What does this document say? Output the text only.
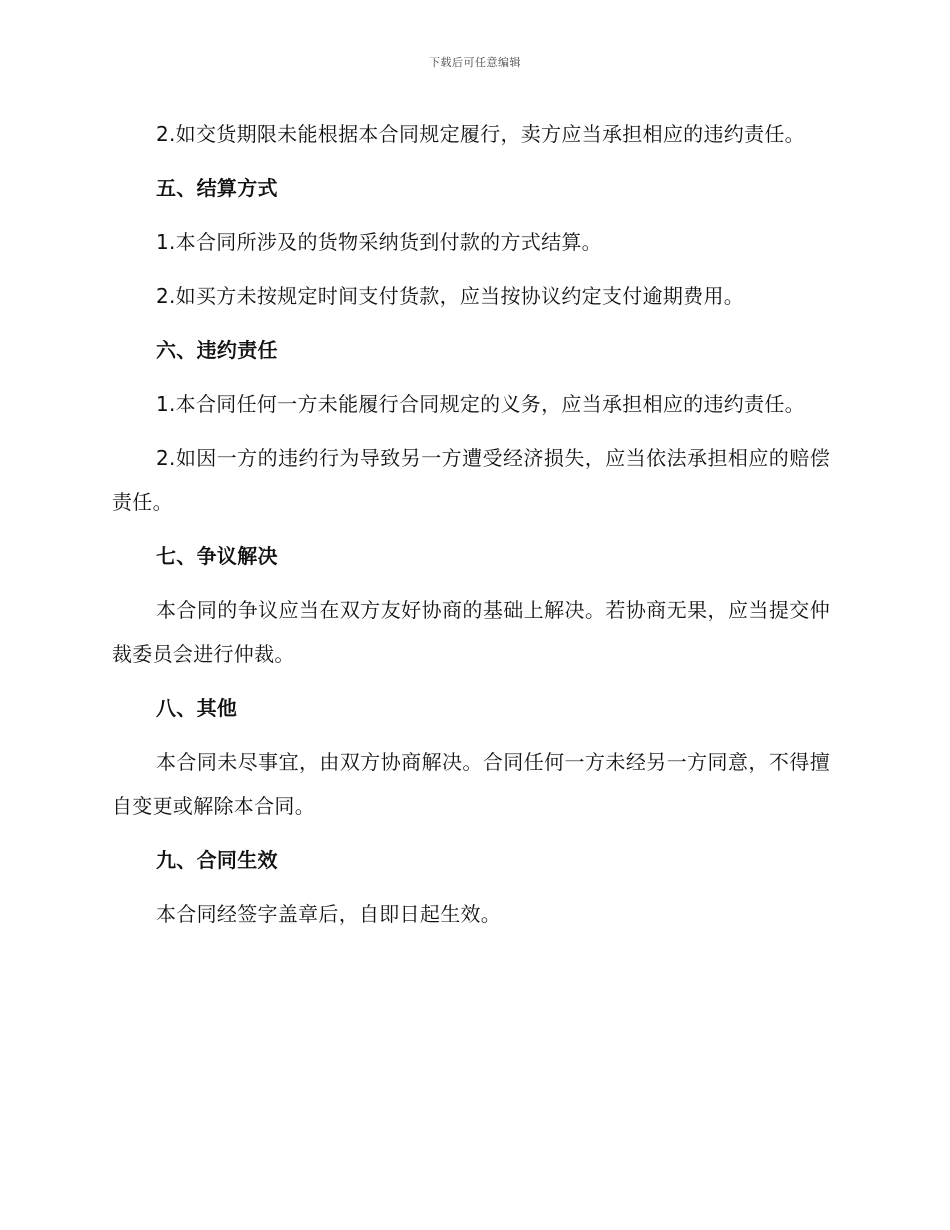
下载后可任意编辑

2.如交货期限未能根据本合同规定履行，卖方应当承担相应的违约责任。

五、结算方式

1.本合同所涉及的货物采纳货到付款的方式结算。

2.如买方未按规定时间支付货款，应当按协议约定支付逾期费用。

六、违约责任

1.本合同任何一方未能履行合同规定的义务，应当承担相应的违约责任。

2.如因一方的违约行为导致另一方遭受经济损失，应当依法承担相应的赔偿责任。

七、争议解决

本合同的争议应当在双方友好协商的基础上解决。若协商无果，应当提交仲裁委员会进行仲裁。

八、其他

本合同未尽事宜，由双方协商解决。合同任何一方未经另一方同意，不得擅自变更或解除本合同。

九、合同生效

本合同经签字盖章后，自即日起生效。
